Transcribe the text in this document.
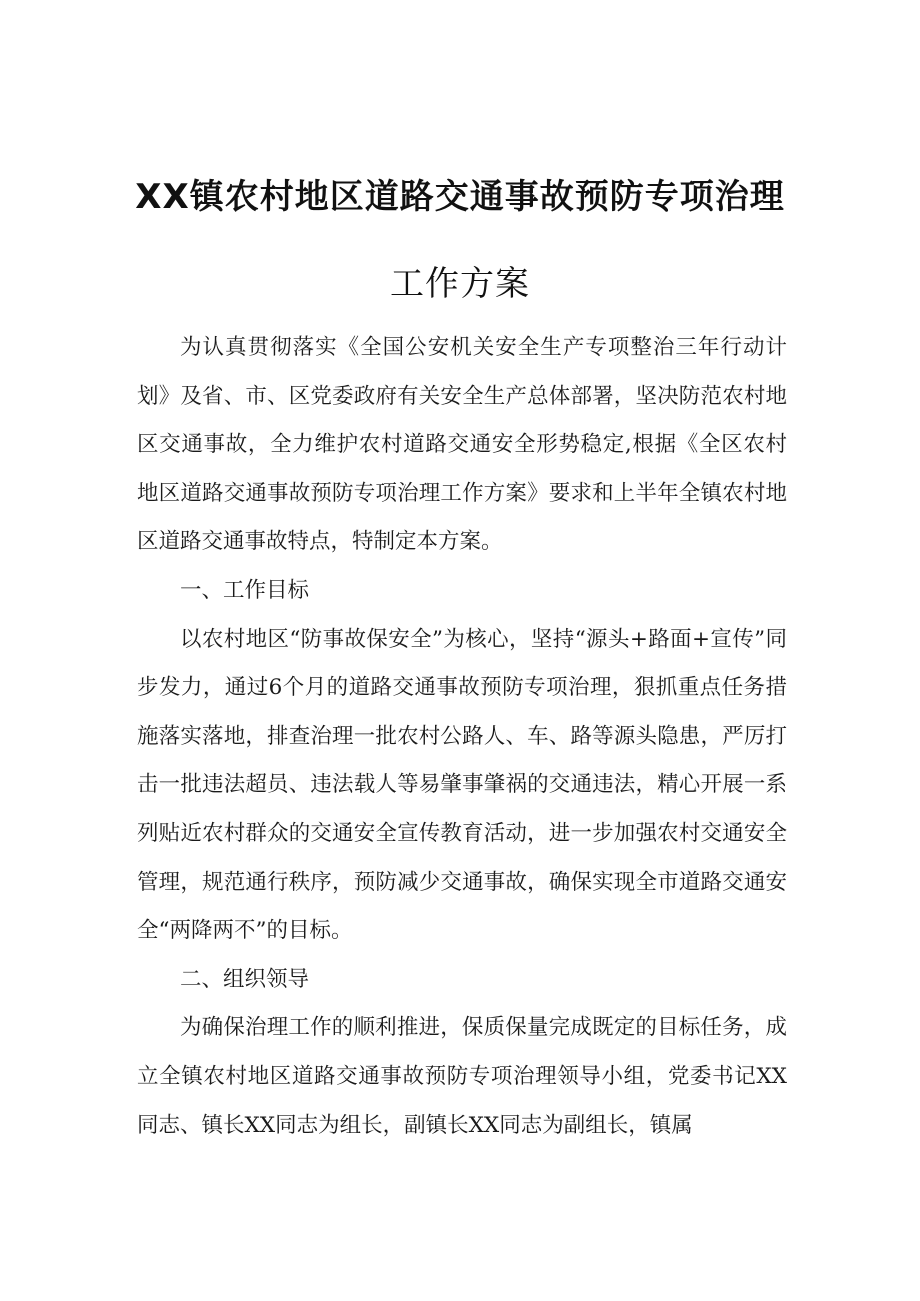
XX镇农村地区道路交通事故预防专项治理
工作方案

为认真贯彻落实《全国公安机关安全生产专项整治三年行动计划》及省、市、区党委政府有关安全生产总体部署，坚决防范农村地区交通事故，全力维护农村道路交通安全形势稳定,根据《全区农村地区道路交通事故预防专项治理工作方案》要求和上半年全镇农村地区道路交通事故特点，特制定本方案。

一、工作目标

以农村地区“防事故保安全”为核心，坚持“源头+路面+宣传”同步发力，通过6个月的道路交通事故预防专项治理，狠抓重点任务措施落实落地，排查治理一批农村公路人、车、路等源头隐患，严厉打击一批违法超员、违法载人等易肇事肇祸的交通违法，精心开展一系列贴近农村群众的交通安全宣传教育活动，进一步加强农村交通安全管理，规范通行秩序，预防减少交通事故，确保实现全市道路交通安全“两降两不”的目标。

二、组织领导

为确保治理工作的顺利推进，保质保量完成既定的目标任务，成立全镇农村地区道路交通事故预防专项治理领导小组，党委书记XX同志、镇长XX同志为组长，副镇长XX同志为副组长，镇属
